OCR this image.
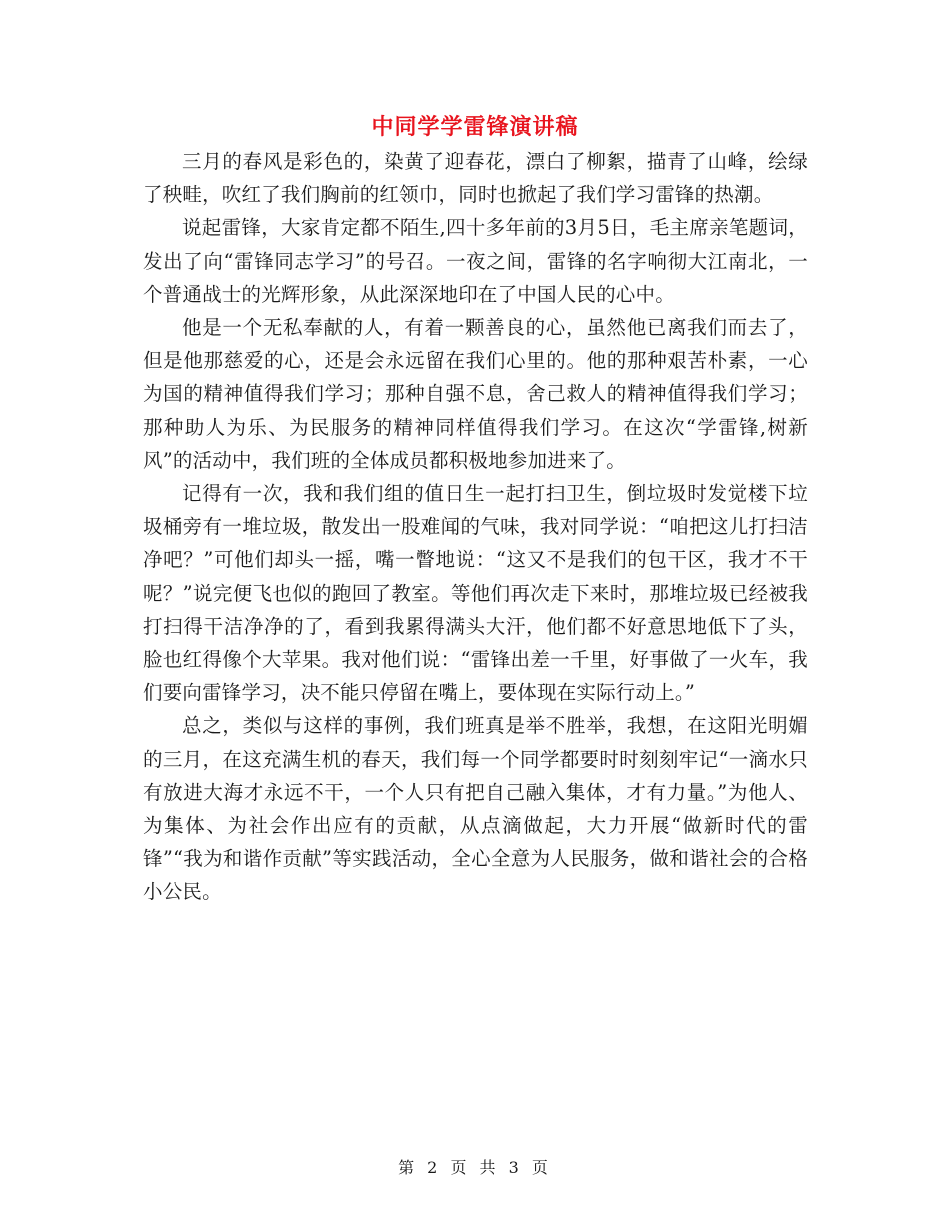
中同学学雷锋演讲稿

三月的春风是彩色的，染黄了迎春花，漂白了柳絮，描青了山峰，绘绿了秧畦，吹红了我们胸前的红领巾，同时也掀起了我们学习雷锋的热潮。

说起雷锋，大家肯定都不陌生,四十多年前的3月5日，毛主席亲笔题词，发出了向“雷锋同志学习”的号召。一夜之间，雷锋的名字响彻大江南北，一个普通战士的光辉形象，从此深深地印在了中国人民的心中。

他是一个无私奉献的人，有着一颗善良的心，虽然他已离我们而去了，但是他那慈爱的心，还是会永远留在我们心里的。他的那种艰苦朴素，一心为国的精神值得我们学习；那种自强不息，舍己救人的精神值得我们学习；那种助人为乐、为民服务的精神同样值得我们学习。在这次“学雷锋,树新风”的活动中，我们班的全体成员都积极地参加进来了。

记得有一次，我和我们组的值日生一起打扫卫生，倒垃圾时发觉楼下垃圾桶旁有一堆垃圾，散发出一股难闻的气味，我对同学说：“咱把这儿打扫洁净吧？”可他们却头一摇，嘴一瞥地说：“这又不是我们的包干区，我才不干呢？”说完便飞也似的跑回了教室。等他们再次走下来时，那堆垃圾已经被我打扫得干洁净净的了，看到我累得满头大汗，他们都不好意思地低下了头，脸也红得像个大苹果。我对他们说：“雷锋出差一千里，好事做了一火车，我们要向雷锋学习，决不能只停留在嘴上，要体现在实际行动上。”

总之，类似与这样的事例，我们班真是举不胜举，我想，在这阳光明媚的三月，在这充满生机的春天，我们每一个同学都要时时刻刻牢记“一滴水只有放进大海才永远不干，一个人只有把自己融入集体，才有力量。”为他人、为集体、为社会作出应有的贡献，从点滴做起，大力开展“做新时代的雷锋”“我为和谐作贡献”等实践活动，全心全意为人民服务，做和谐社会的合格小公民。

第 2 页 共 3 页
